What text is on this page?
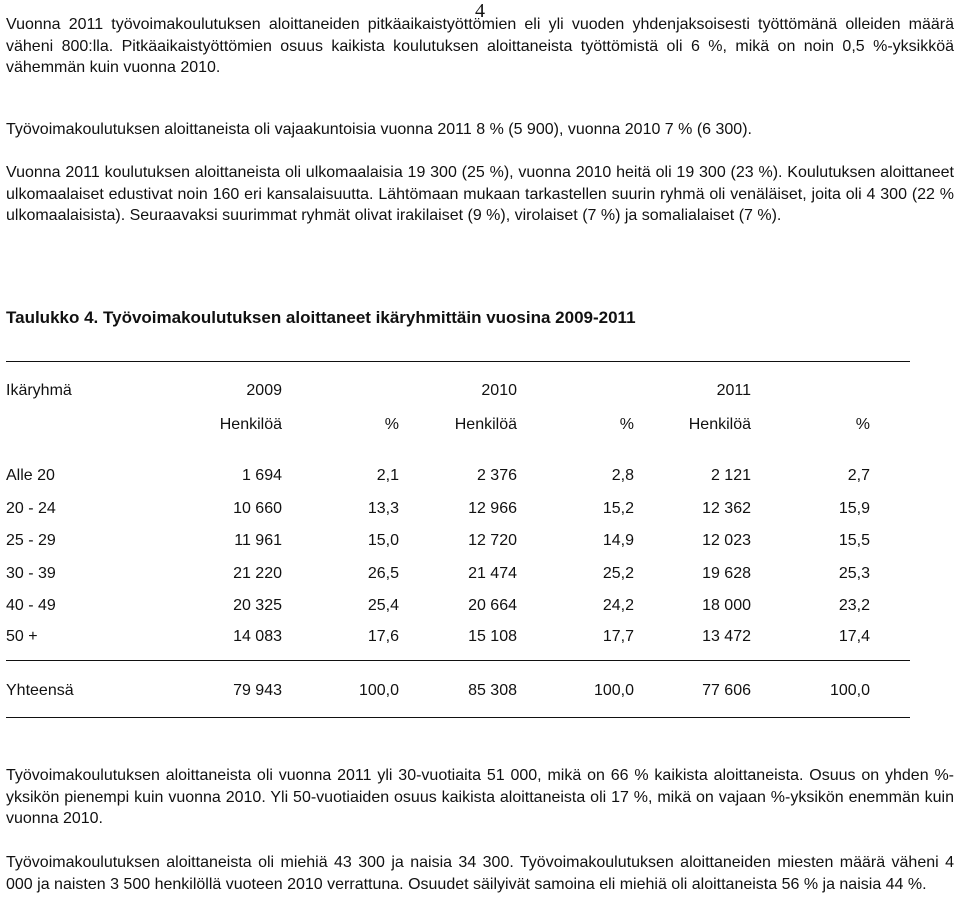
4

Vuonna 2011 työvoimakoulutuksen aloittaneiden pitkäaikaistyöttömien eli yli vuoden yhdenjaksoisesti työttömänä olleiden määrä väheni 800:lla. Pitkäaikaistyöttömien osuus kaikista koulutuksen aloittaneista työttömistä oli 6 %, mikä on noin 0,5 %-yksikköä vähemmän kuin vuonna 2010.

Työvoimakoulutuksen aloittaneista oli vajaakuntoisia vuonna 2011 8 % (5 900), vuonna 2010 7 % (6 300).

Vuonna 2011 koulutuksen aloittaneista oli ulkomaalaisia 19 300 (25 %), vuonna 2010 heitä oli 19 300 (23 %). Koulutuksen aloittaneet ulkomaalaiset edustivat noin 160 eri kansalaisuutta. Lähtömaan mukaan tarkastellen suurin ryhmä oli venäläiset, joita oli 4 300 (22 % ulkomaalaisista). Seuraavaksi suurimmat ryhmät olivat irakilaiset (9 %), virolaiset (7 %) ja somalialaiset (7 %).

Taulukko 4. Työvoimakoulutuksen aloittaneet ikäryhmittäin vuosina 2009-2011
Ikäryhmä	2009	2010	2011
Henkilöä	%	Henkilöä	%	Henkilöä	%
Alle 20	1 694	2,1	2 376	2,8	2 121	2,7
20 - 24	10 660	13,3	12 966	15,2	12 362	15,9
25 - 29	11 961	15,0	12 720	14,9	12 023	15,5
30 - 39	21 220	26,5	21 474	25,2	19 628	25,3
40 - 49	20 325	25,4	20 664	24,2	18 000	23,2
50 +	14 083	17,6	15 108	17,7	13 472	17,4
Yhteensä	79 943	100,0	85 308	100,0	77 606	100,0

Työvoimakoulutuksen aloittaneista oli vuonna 2011 yli 30-vuotiaita 51 000, mikä on 66 % kaikista aloittaneista. Osuus on yhden %-yksikön pienempi kuin vuonna 2010. Yli 50-vuotiaiden osuus kaikista aloittaneista oli 17 %, mikä on vajaan %-yksikön enemmän kuin vuonna 2010.

Työvoimakoulutuksen aloittaneista oli miehiä 43 300 ja naisia 34 300. Työvoimakoulutuksen aloittaneiden miesten määrä väheni 4 000 ja naisten 3 500 henkilöllä vuoteen 2010 verrattuna. Osuudet säilyivät samoina eli miehiä oli aloittaneista 56 % ja naisia 44 %.
